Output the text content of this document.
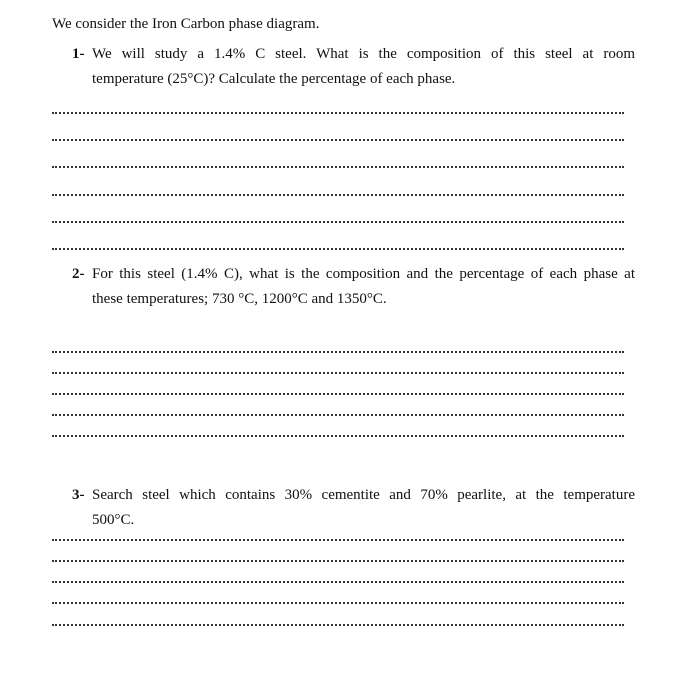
We consider the Iron Carbon phase diagram.
1- We will study a 1.4% C steel. What is the composition of this steel at room
temperature (25°C)? Calculate the percentage of each phase.
2- For this steel (1.4% C), what is the composition and the percentage of each phase at
these temperatures; 730 °C, 1200°C and 1350°C.
3- Search steel which contains 30% cementite and 70% pearlite, at the temperature
500°C.
